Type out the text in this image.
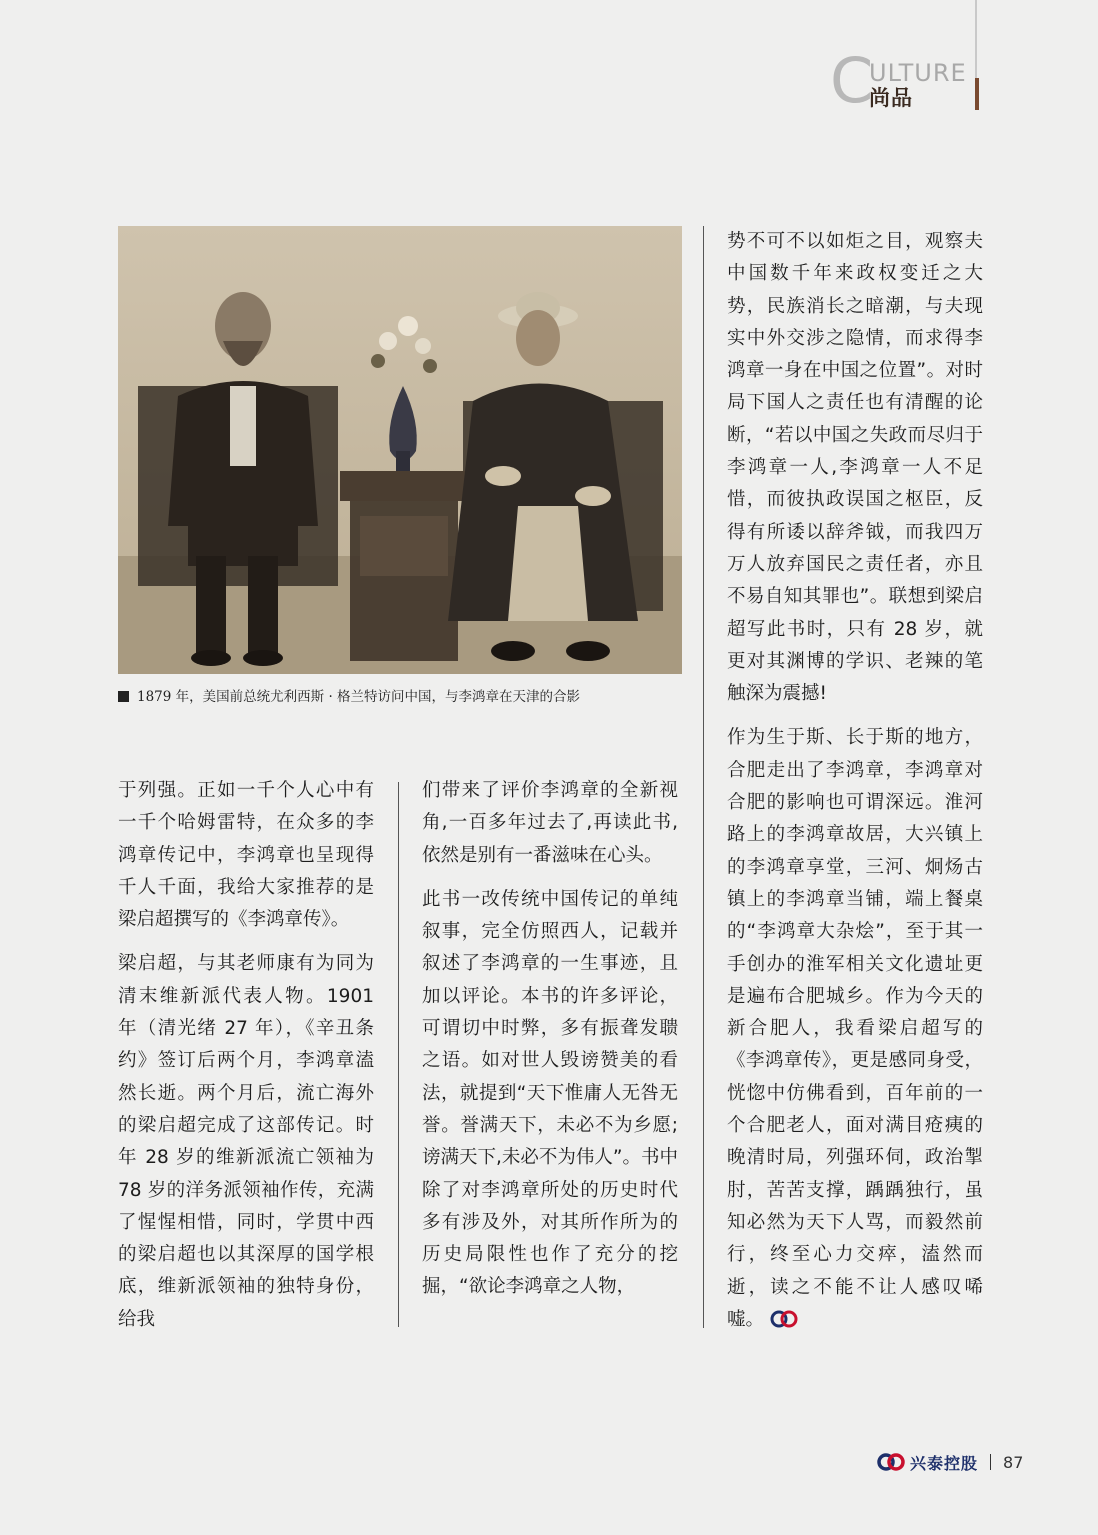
C
ULTURE
尚品
1879 年，美国前总统尤利西斯 · 格兰特访问中国，与李鸿章在天津的合影

于列强。正如一千个人心中有一千个哈姆雷特，在众多的李鸿章传记中，李鸿章也呈现得千人千面，我给大家推荐的是梁启超撰写的《李鸿章传》。

梁启超，与其老师康有为同为清末维新派代表人物。1901 年（清光绪 27 年），《辛丑条约》签订后两个月，李鸿章溘然长逝。两个月后，流亡海外的梁启超完成了这部传记。时年 28 岁的维新派流亡领袖为 78 岁的洋务派领袖作传，充满了惺惺相惜，同时，学贯中西的梁启超也以其深厚的国学根底，维新派领袖的独特身份，给我

们带来了评价李鸿章的全新视角,一百多年过去了,再读此书,依然是别有一番滋味在心头。

此书一改传统中国传记的单纯叙事，完全仿照西人，记载并叙述了李鸿章的一生事迹，且加以评论。本书的许多评论，可谓切中时弊，多有振聋发聩之语。如对世人毁谤赞美的看法，就提到“天下惟庸人无咎无誉。誉满天下，未必不为乡愿; 谤满天下,未必不为伟人”。书中除了对李鸿章所处的历史时代多有涉及外，对其所作所为的历史局限性也作了充分的挖掘，“欲论李鸿章之人物，

势不可不以如炬之目，观察夫中国数千年来政权变迁之大势，民族消长之暗潮，与夫现实中外交涉之隐情，而求得李鸿章一身在中国之位置”。对时局下国人之责任也有清醒的论断，“若以中国之失政而尽归于李鸿章一人,李鸿章一人不足惜，而彼执政误国之枢臣，反得有所诿以辞斧钺，而我四万万人放弃国民之责任者，亦且不易自知其罪也”。联想到梁启超写此书时，只有 28 岁，就更对其渊博的学识、老辣的笔触深为震撼!

作为生于斯、长于斯的地方，合肥走出了李鸿章，李鸿章对合肥的影响也可谓深远。淮河路上的李鸿章故居，大兴镇上的李鸿章享堂，三河、炯炀古镇上的李鸿章当铺，端上餐桌的“李鸿章大杂烩”，至于其一手创办的淮军相关文化遗址更是遍布合肥城乡。作为今天的新合肥人，我看梁启超写的《李鸿章传》，更是感同身受，恍惚中仿佛看到，百年前的一个合肥老人，面对满目疮痍的晚清时局，列强环伺，政治掣肘，苦苦支撑，踽踽独行，虽知必然为天下人骂，而毅然前行，终至心力交瘁，溘然而逝，读之不能不让人感叹唏嘘。

兴泰控股 87
